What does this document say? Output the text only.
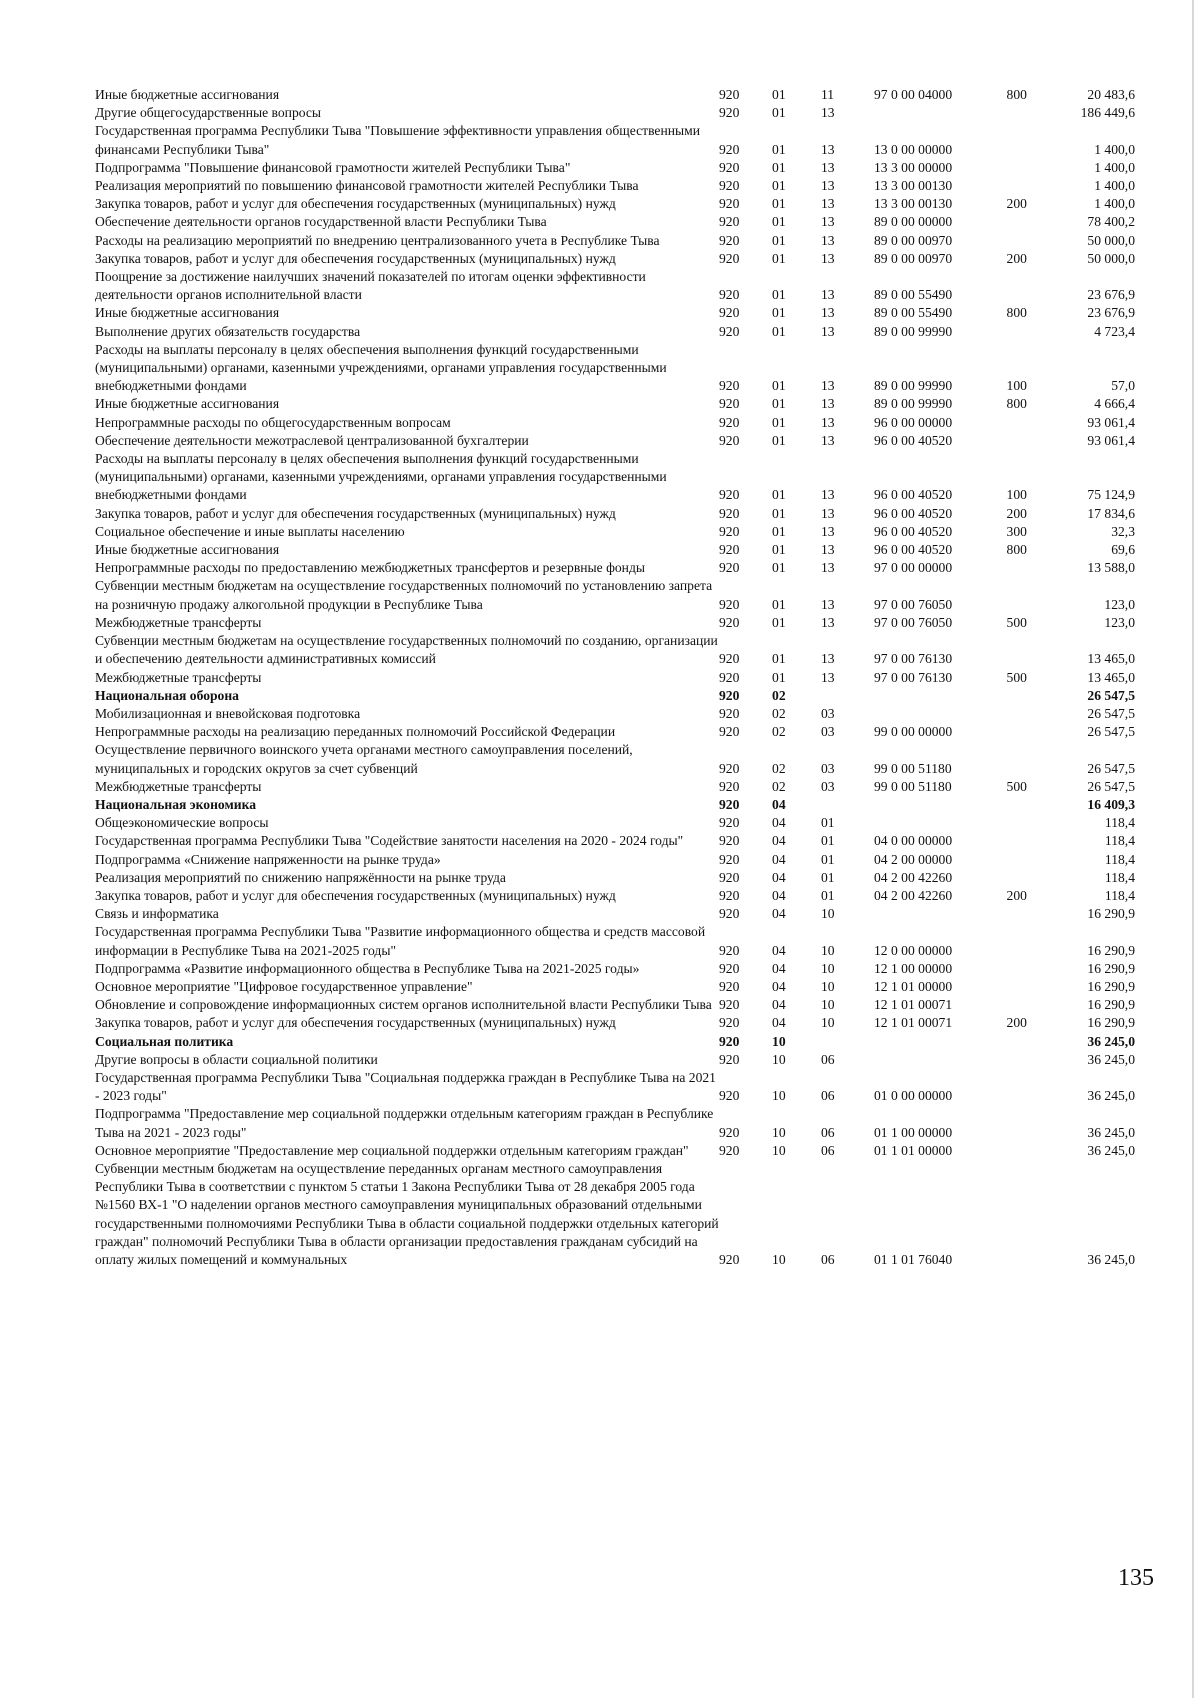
Иные бюджетные ассигнования	920	01	11	97 0 00 04000	800	20 483,6
Другие общегосударственные вопросы	920	01	13			186 449,6
Государственная программа Республики Тыва "Повышение эффективности управления общественными финансами Республики Тыва"	920	01	13	13 0 00 00000		1 400,0
Подпрограмма "Повышение финансовой грамотности жителей Республики Тыва"	920	01	13	13 3 00 00000		1 400,0
Реализация мероприятий по повышению финансовой грамотности жителей Республики Тыва	920	01	13	13 3 00 00130		1 400,0
Закупка товаров, работ и услуг для обеспечения государственных (муниципальных) нужд	920	01	13	13 3 00 00130	200	1 400,0
Обеспечение деятельности органов государственной власти Республики Тыва	920	01	13	89 0 00 00000		78 400,2
Расходы на реализацию мероприятий по внедрению централизованного учета в Республике Тыва	920	01	13	89 0 00 00970		50 000,0
Закупка товаров, работ и услуг для обеспечения государственных (муниципальных) нужд	920	01	13	89 0 00 00970	200	50 000,0
Поощрение за достижение наилучших значений показателей по итогам оценки эффективности деятельности органов исполнительной власти	920	01	13	89 0 00 55490		23 676,9
Иные бюджетные ассигнования	920	01	13	89 0 00 55490	800	23 676,9
Выполнение других обязательств государства	920	01	13	89 0 00 99990		4 723,4
Расходы на выплаты персоналу в целях обеспечения выполнения функций государственными (муниципальными) органами, казенными учреждениями, органами управления государственными внебюджетными фондами	920	01	13	89 0 00 99990	100	57,0
Иные бюджетные ассигнования	920	01	13	89 0 00 99990	800	4 666,4
Непрограммные расходы по общегосударственным вопросам	920	01	13	96 0 00 00000		93 061,4
Обеспечение деятельности межотраслевой централизованной бухгалтерии	920	01	13	96 0 00 40520		93 061,4
Расходы на выплаты персоналу в целях обеспечения выполнения функций государственными (муниципальными) органами, казенными учреждениями, органами управления государственными внебюджетными фондами	920	01	13	96 0 00 40520	100	75 124,9
Закупка товаров, работ и услуг для обеспечения государственных (муниципальных) нужд	920	01	13	96 0 00 40520	200	17 834,6
Социальное обеспечение и иные выплаты населению	920	01	13	96 0 00 40520	300	32,3
Иные бюджетные ассигнования	920	01	13	96 0 00 40520	800	69,6
Непрограммные расходы по предоставлению межбюджетных трансфертов и резервные фонды	920	01	13	97 0 00 00000		13 588,0
Субвенции местным бюджетам на осуществление государственных полномочий по установлению запрета на розничную продажу алкогольной продукции в Республике Тыва	920	01	13	97 0 00 76050		123,0
Межбюджетные трансферты	920	01	13	97 0 00 76050	500	123,0
Субвенции местным бюджетам на осуществление государственных полномочий по созданию, организации и обеспечению деятельности административных комиссий	920	01	13	97 0 00 76130		13 465,0
Межбюджетные трансферты	920	01	13	97 0 00 76130	500	13 465,0
Национальная оборона	920	02				26 547,5
Мобилизационная и вневойсковая подготовка	920	02	03			26 547,5
Непрограммные расходы на реализацию переданных полномочий Российской Федерации	920	02	03	99 0 00 00000		26 547,5
Осуществление первичного воинского учета органами местного самоуправления поселений, муниципальных и городских округов за счет субвенций	920	02	03	99 0 00 51180		26 547,5
Межбюджетные трансферты	920	02	03	99 0 00 51180	500	26 547,5
Национальная экономика	920	04				16 409,3
Общеэкономические вопросы	920	04	01			118,4
Государственная программа Республики Тыва "Содействие занятости населения на 2020 - 2024 годы"	920	04	01	04 0 00 00000		118,4
Подпрограмма «Снижение напряженности на рынке труда»	920	04	01	04 2 00 00000		118,4
Реализация мероприятий по снижению напряжённости на рынке труда	920	04	01	04 2 00 42260		118,4
Закупка товаров, работ и услуг для обеспечения государственных (муниципальных) нужд	920	04	01	04 2 00 42260	200	118,4
Связь и информатика	920	04	10			16 290,9
Государственная программа Республики Тыва "Развитие информационного общества и средств массовой информации в Республике Тыва на 2021-2025 годы"	920	04	10	12 0 00 00000		16 290,9
Подпрограмма «Развитие информационного общества в Республике Тыва на 2021-2025 годы»	920	04	10	12 1 00 00000		16 290,9
Основное мероприятие "Цифровое государственное управление"	920	04	10	12 1 01 00000		16 290,9
Обновление и сопровождение информационных систем органов исполнительной власти Республики Тыва	920	04	10	12 1 01 00071		16 290,9
Закупка товаров, работ и услуг для обеспечения государственных (муниципальных) нужд	920	04	10	12 1 01 00071	200	16 290,9
Социальная политика	920	10				36 245,0
Другие вопросы в области социальной политики	920	10	06			36 245,0
Государственная программа Республики Тыва "Социальная поддержка граждан в Республике Тыва на 2021 - 2023 годы"	920	10	06	01 0 00 00000		36 245,0
Подпрограмма "Предоставление мер социальной поддержки отдельным категориям граждан в Республике Тыва на 2021 - 2023 годы"	920	10	06	01 1 00 00000		36 245,0
Основное мероприятие "Предоставление мер социальной поддержки отдельным категориям граждан"	920	10	06	01 1 01 00000		36 245,0
Субвенции местным бюджетам на осуществление переданных органам местного самоуправления Республики Тыва в соответствии с пунктом 5 статьи 1 Закона Республики Тыва от 28 декабря 2005 года №1560 ВХ-1 "О наделении органов местного самоуправления муниципальных образований отдельными государственными полномочиями Республики Тыва в области социальной поддержки отдельных категорий граждан" полномочий Республики Тыва в области организации предоставления гражданам субсидий на оплату жилых помещений и коммунальных	920	10	06	01 1 01 76040		36 245,0
135
